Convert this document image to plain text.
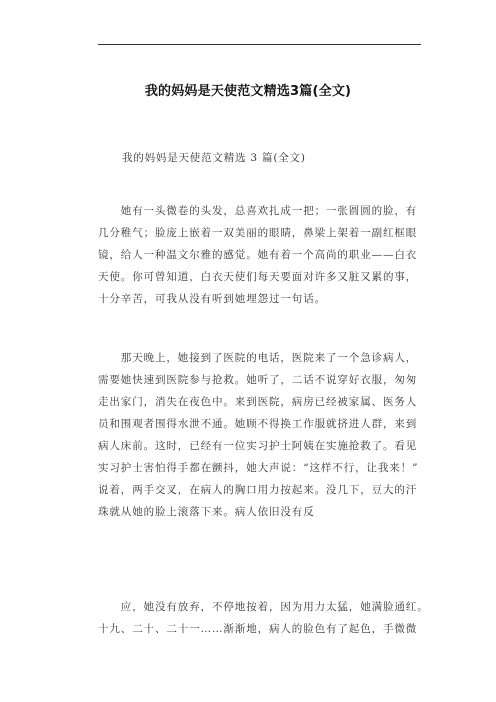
我的妈妈是天使范文精选3篇(全文)
我的妈妈是天使范文精选 3 篇(全文)
　　她有一头微卷的头发，总喜欢扎成一把；一张圆圆的脸，有
几分稚气；脸庞上嵌着一双美丽的眼睛，鼻梁上架着一副红框眼
镜，给人一种温文尔雅的感觉。她有着一个高尚的职业——白衣
天使。你可曾知道，白衣天使们每天要面对许多又脏又累的事，
十分辛苦，可我从没有听到她埋怨过一句话。
　　那天晚上，她接到了医院的电话，医院来了一个急诊病人，
需要她快速到医院参与抢救。她听了，二话不说穿好衣服，匆匆
走出家门，消失在夜色中。来到医院，病房已经被家属、医务人
员和围观者围得水泄不通。她顾不得换工作服就挤进人群，来到
病人床前。这时，已经有一位实习护士阿姨在实施抢救了。看见
实习护士害怕得手都在颤抖，她大声说：“这样不行，让我来！”
说着，两手交叉，在病人的胸口用力按起来。没几下，豆大的汗
珠就从她的脸上滚落下来。病人依旧没有反
　　应，她没有放弃，不停地按着，因为用力太猛，她满脸通红。
十九、二十、二十一……渐渐地，病人的脸色有了起色，手微微
